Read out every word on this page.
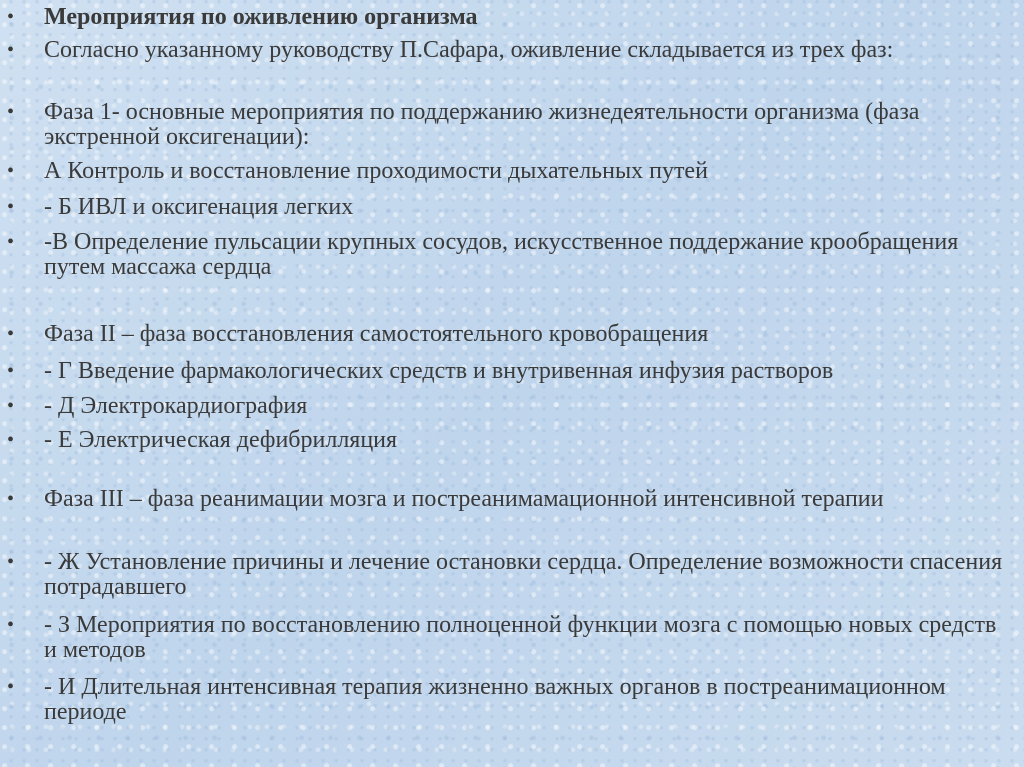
• Мероприятия по оживлению организма
• Согласно указанному руководству П.Сафара, оживление складывается из трех фаз:
• Фаза 1- основные мероприятия по поддержанию жизнедеятельности организма (фаза экстренной оксигенации):
• А Контроль и восстановление проходимости дыхательных путей
• - Б ИВЛ и оксигенация легких
• -В Определение пульсации крупных сосудов, искусственное поддержание крообращения путем массажа сердца
• Фаза II – фаза восстановления самостоятельного кровобращения
• - Г Введение фармакологических средств и внутривенная инфузия растворов
• - Д Электрокардиография
• - Е Электрическая дефибрилляция
• Фаза III – фаза реанимации мозга и постреанимамационной интенсивной терапии
• - Ж Установление причины и лечение остановки сердца. Определение возможности спасения потрадавшего
• - З Мероприятия по восстановлению полноценной функции мозга с помощью новых средств и методов
• - И Длительная интенсивная терапия жизненно важных органов в постреанимационном периоде
